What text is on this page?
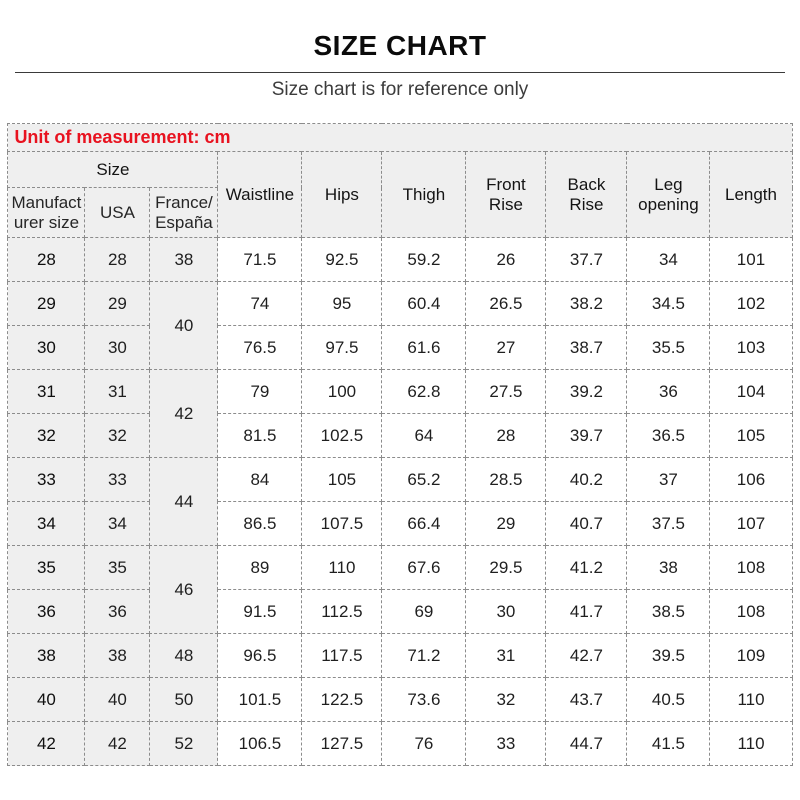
SIZE CHART
Size chart is for reference only
Unit of measurement: cm									
Size			Waistline	Hips	Thigh	Front Rise	Back Rise	Leg opening	Length
Manufacturer size	USA	France/España							
28	28	38	71.5	92.5	59.2	26	37.7	34	101
29	29	40	74	95	60.4	26.5	38.2	34.5	102
30	30		76.5	97.5	61.6	27	38.7	35.5	103
31	31	42	79	100	62.8	27.5	39.2	36	104
32	32		81.5	102.5	64	28	39.7	36.5	105
33	33	44	84	105	65.2	28.5	40.2	37	106
34	34		86.5	107.5	66.4	29	40.7	37.5	107
35	35	46	89	110	67.6	29.5	41.2	38	108
36	36		91.5	112.5	69	30	41.7	38.5	108
38	38	48	96.5	117.5	71.2	31	42.7	39.5	109
40	40	50	101.5	122.5	73.6	32	43.7	40.5	110
42	42	52	106.5	127.5	76	33	44.7	41.5	110
